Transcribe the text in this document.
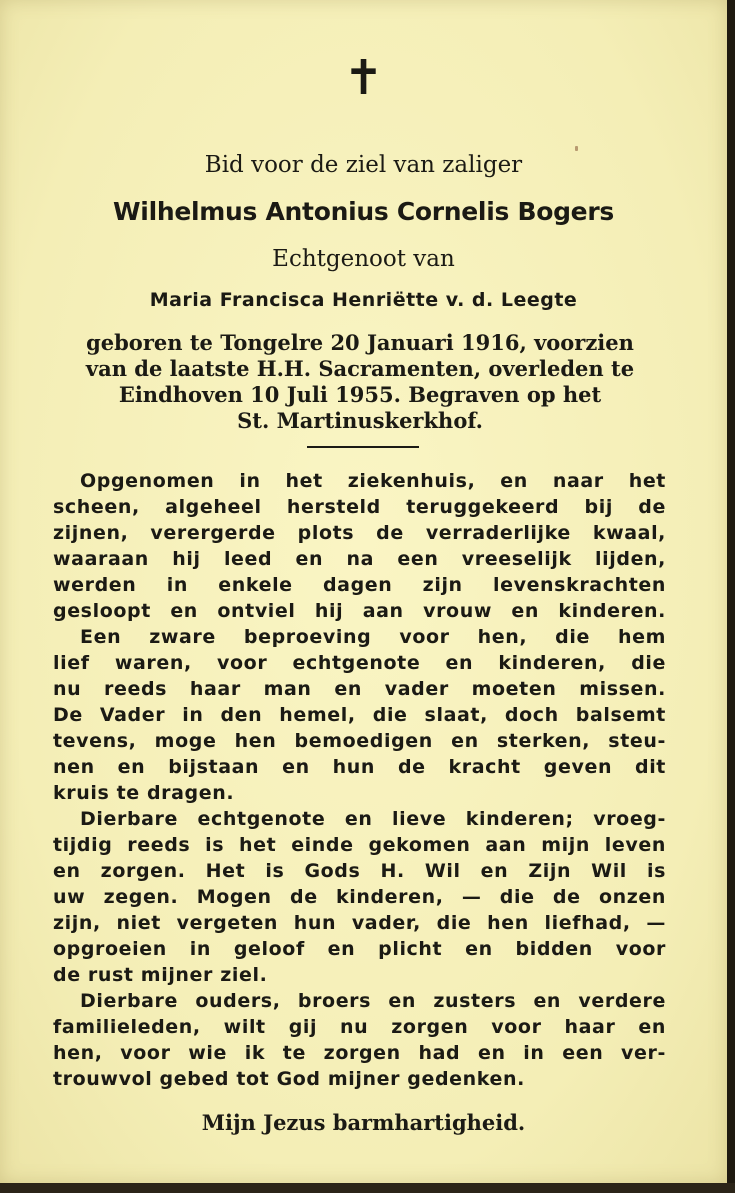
✝
Bid voor de ziel van zaliger
Wilhelmus Antonius Cornelis Bogers
Echtgenoot van
Maria Francisca Henriëtte v. d. Leegte
geboren te Tongelre 20 Januari 1916, voorzien
van de laatste H.H. Sacramenten, overleden te
Eindhoven 10 Juli 1955. Begraven op het
St. Martinuskerkhof.
Opgenomen in het ziekenhuis, en naar het
scheen, algeheel hersteld teruggekeerd bij de
zijnen, verergerde plots de verraderlijke kwaal,
waaraan hij leed en na een vreeselijk lijden,
werden in enkele dagen zijn levenskrachten
gesloopt en ontviel hij aan vrouw en kinderen.
Een zware beproeving voor hen, die hem
lief waren, voor echtgenote en kinderen, die
nu reeds haar man en vader moeten missen.
De Vader in den hemel, die slaat, doch balsemt
tevens, moge hen bemoedigen en sterken, steu-
nen en bijstaan en hun de kracht geven dit
kruis te dragen.
Dierbare echtgenote en lieve kinderen; vroeg-
tijdig reeds is het einde gekomen aan mijn leven
en zorgen. Het is Gods H. Wil en Zijn Wil is
uw zegen. Mogen de kinderen, — die de onzen
zijn, niet vergeten hun vader, die hen liefhad, —
opgroeien in geloof en plicht en bidden voor
de rust mijner ziel.
Dierbare ouders, broers en zusters en verdere
familieleden, wilt gij nu zorgen voor haar en
hen, voor wie ik te zorgen had en in een ver-
trouwvol gebed tot God mijner gedenken.
Mijn Jezus barmhartigheid.
